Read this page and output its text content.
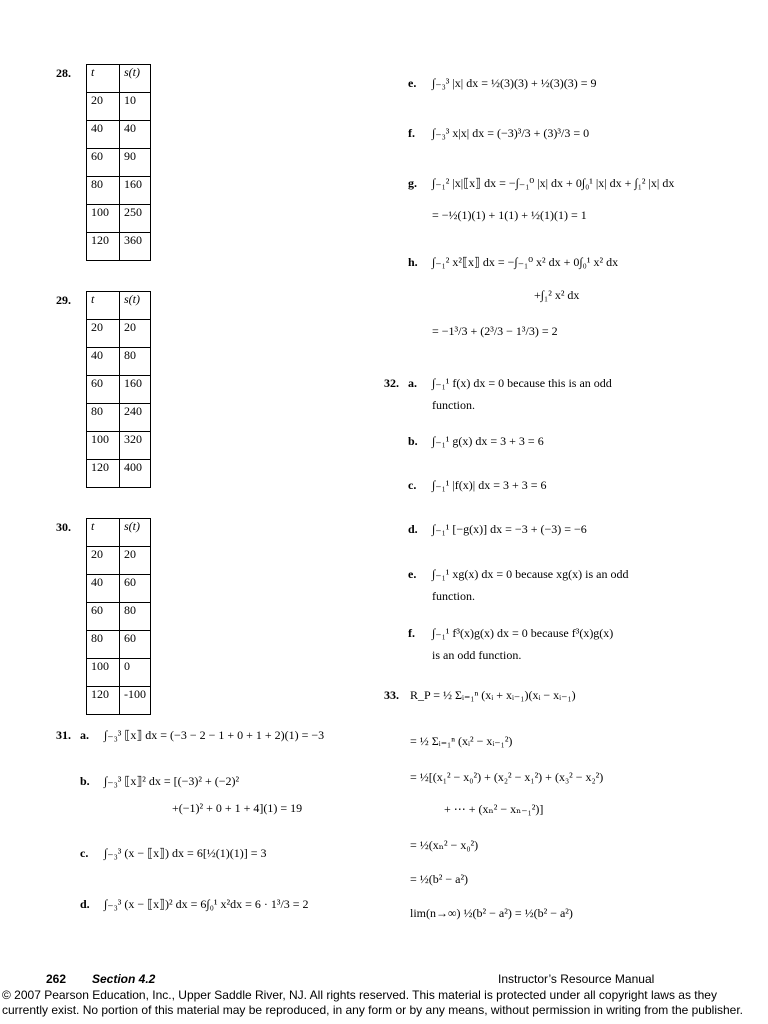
28. t	s(t)
20	10
40	40
60	90
80	160
100	250
120	360
29. t	s(t)
20	20
40	80
60	160
80	240
100	320
120	400
30. t	s(t)
20	20
40	60
60	80
80	60
100	0
120	-100
31. a. ∫₋₃³ ⟦x⟧ dx = (−3 − 2 − 1 + 0 + 1 + 2)(1) = −3
b. ∫₋₃³ ⟦x⟧² dx = [(−3)² + (−2)²
+(−1)² + 0 + 1 + 4](1) = 19
c. ∫₋₃³ (x − ⟦x⟧) dx = 6[½(1)(1)] = 3
d. ∫₋₃³ (x − ⟦x⟧)² dx = 6∫₀¹ x²dx = 6 · 1³/3 = 2
e. ∫₋₃³ |x| dx = ½(3)(3) + ½(3)(3) = 9
f. ∫₋₃³ x|x| dx = (−3)³/3 + (3)³/3 = 0
g. ∫₋₁² |x|⟦x⟧ dx = −∫₋₁⁰ |x| dx + 0∫₀¹ |x| dx + ∫₁² |x| dx
= −½(1)(1) + 1(1) + ½(1)(1) = 1
h. ∫₋₁² x²⟦x⟧ dx = −∫₋₁⁰ x² dx + 0∫₀¹ x² dx
+∫₁² x² dx
= −1³/3 + (2³/3 − 1³/3) = 2
32. a. ∫₋₁¹ f(x) dx = 0 because this is an odd
function.
b. ∫₋₁¹ g(x) dx = 3 + 3 = 6
c. ∫₋₁¹ |f(x)| dx = 3 + 3 = 6
d. ∫₋₁¹ [−g(x)] dx = −3 + (−3) = −6
e. ∫₋₁¹ xg(x) dx = 0 because xg(x) is an odd
function.
f. ∫₋₁¹ f³(x)g(x) dx = 0 because f³(x)g(x)
is an odd function.
33. R_P = ½ Σᵢ₌₁ⁿ (xᵢ + xᵢ₋₁)(xᵢ − xᵢ₋₁)
= ½ Σᵢ₌₁ⁿ (xᵢ² − xᵢ₋₁²)
= ½[(x₁² − x₀²) + (x₂² − x₁²) + (x₃² − x₂²)
+ ⋯ + (xₙ² − xₙ₋₁²)]
= ½(xₙ² − x₀²)
= ½(b² − a²)
lim(n→∞) ½(b² − a²) = ½(b² − a²)
262 Section 4.2	Instructor’s Resource Manual
© 2007 Pearson Education, Inc., Upper Saddle River, NJ. All rights reserved. This material is protected under all copyright laws as they
currently exist. No portion of this material may be reproduced, in any form or by any means, without permission in writing from the publisher.
